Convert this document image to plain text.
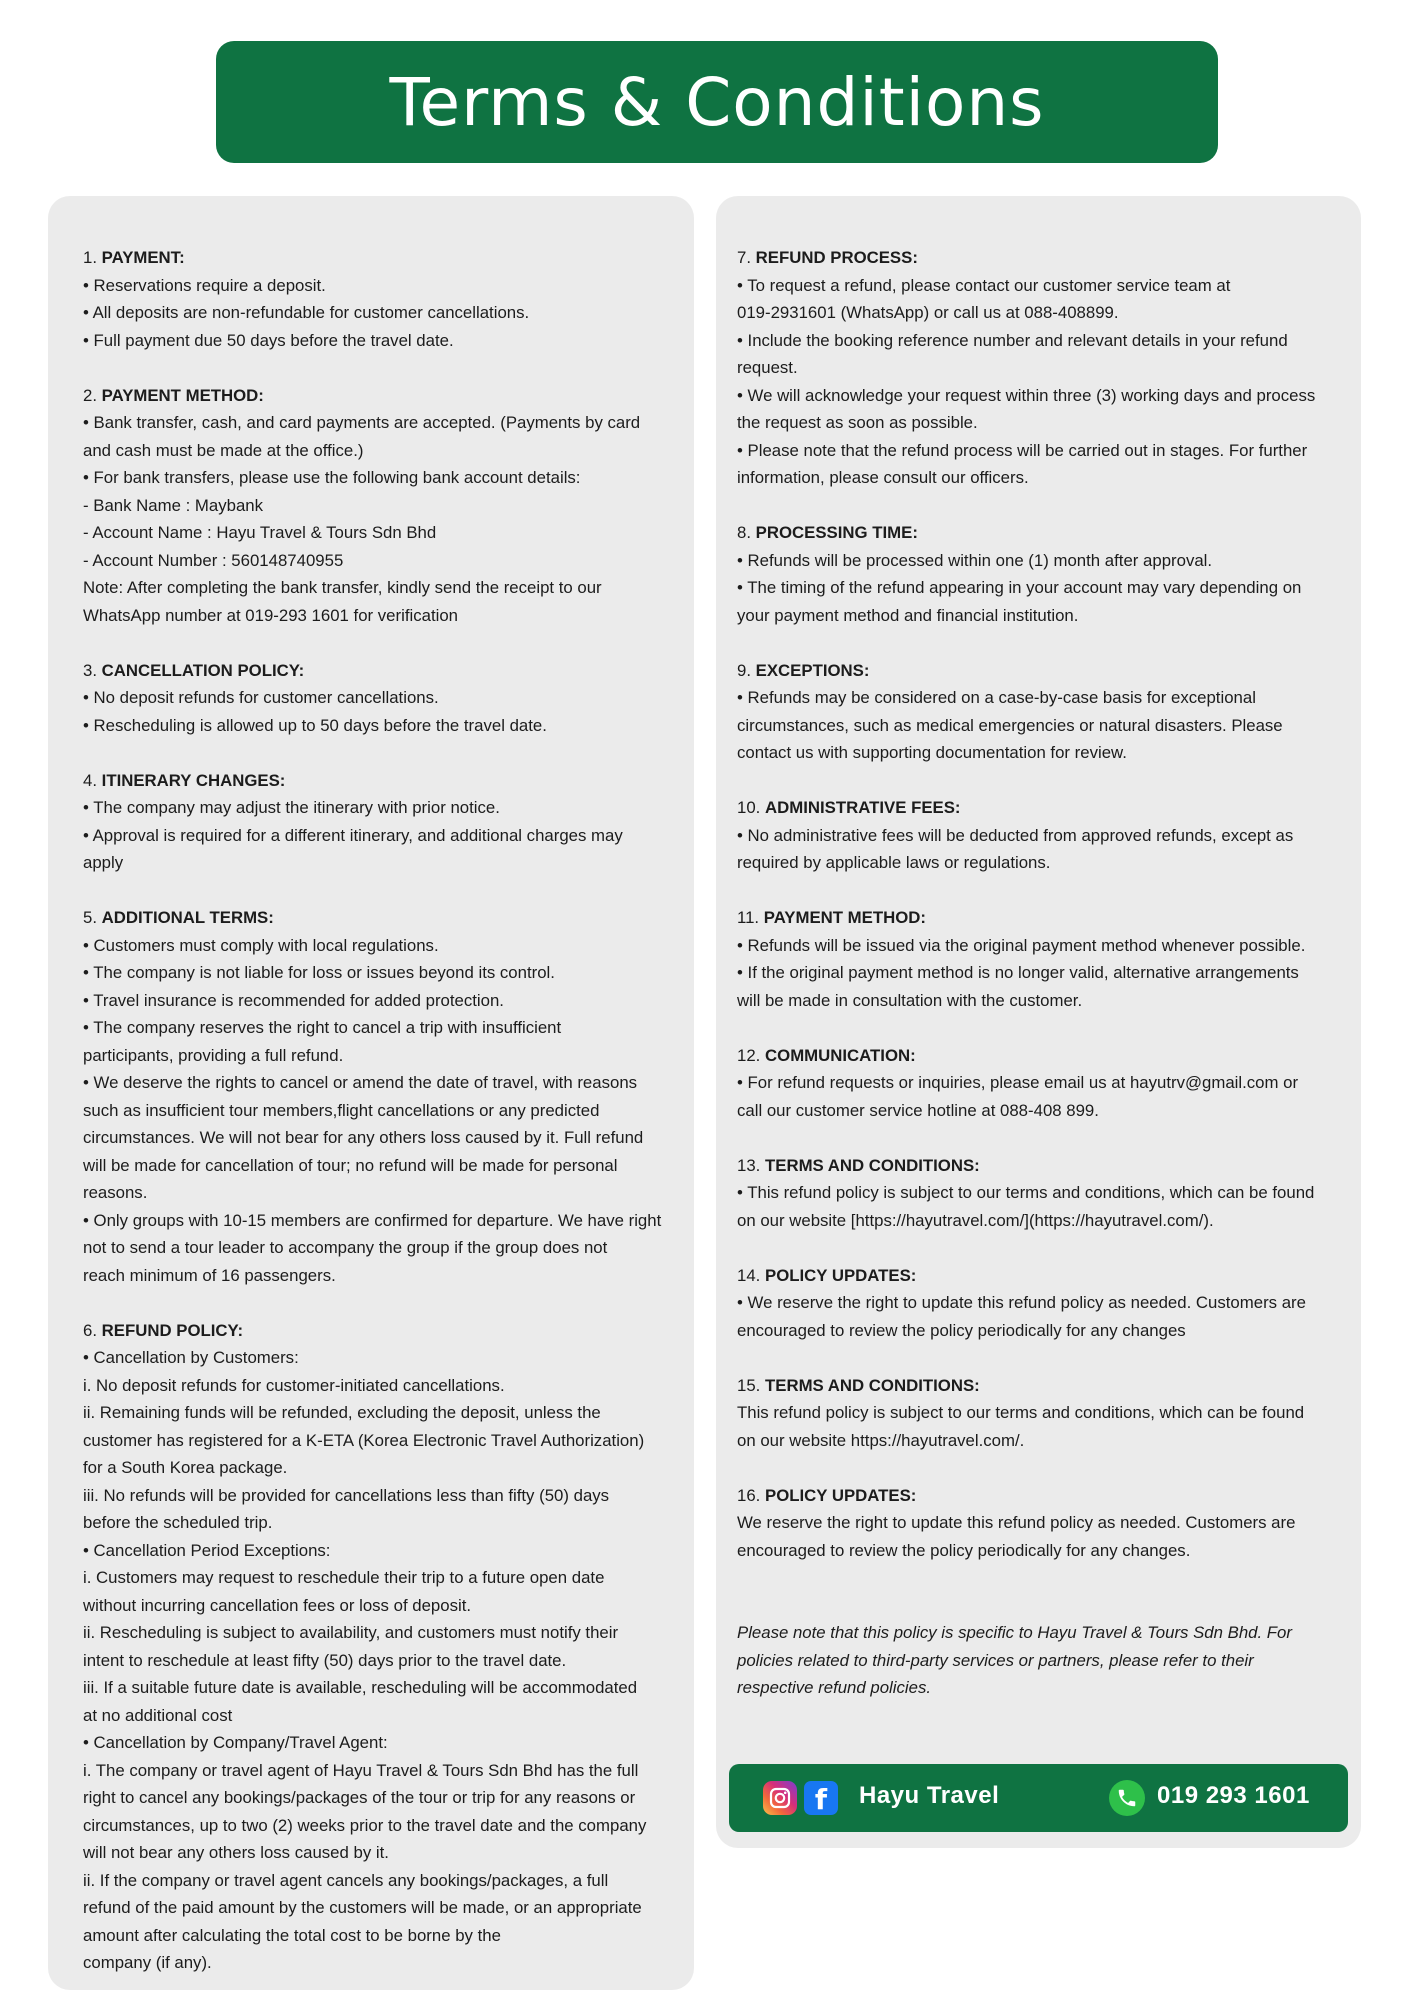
Terms & Conditions
1. PAYMENT:
• Reservations require a deposit.
• All deposits are non-refundable for customer cancellations.
• Full payment due 50 days before the travel date.
2. PAYMENT METHOD:
• Bank transfer, cash, and card payments are accepted. (Payments by card
and cash must be made at the office.)
• For bank transfers, please use the following bank account details:
- Bank Name : Maybank
- Account Name : Hayu Travel & Tours Sdn Bhd
- Account Number : 560148740955
Note: After completing the bank transfer, kindly send the receipt to our
WhatsApp number at 019-293 1601 for verification
3. CANCELLATION POLICY:
• No deposit refunds for customer cancellations.
• Rescheduling is allowed up to 50 days before the travel date.
4. ITINERARY CHANGES:
• The company may adjust the itinerary with prior notice.
• Approval is required for a different itinerary, and additional charges may
apply
5. ADDITIONAL TERMS:
• Customers must comply with local regulations.
• The company is not liable for loss or issues beyond its control.
• Travel insurance is recommended for added protection.
• The company reserves the right to cancel a trip with insufficient
participants, providing a full refund.
• We deserve the rights to cancel or amend the date of travel, with reasons
such as insufficient tour members,flight cancellations or any predicted
circumstances. We will not bear for any others loss caused by it. Full refund
will be made for cancellation of tour; no refund will be made for personal
reasons.
• Only groups with 10-15 members are confirmed for departure. We have right
not to send a tour leader to accompany the group if the group does not
reach minimum of 16 passengers.
6. REFUND POLICY:
• Cancellation by Customers:
i. No deposit refunds for customer-initiated cancellations.
ii. Remaining funds will be refunded, excluding the deposit, unless the
customer has registered for a K-ETA (Korea Electronic Travel Authorization)
for a South Korea package.
iii. No refunds will be provided for cancellations less than fifty (50) days
before the scheduled trip.
• Cancellation Period Exceptions:
i. Customers may request to reschedule their trip to a future open date
without incurring cancellation fees or loss of deposit.
ii. Rescheduling is subject to availability, and customers must notify their
intent to reschedule at least fifty (50) days prior to the travel date.
iii. If a suitable future date is available, rescheduling will be accommodated
at no additional cost
• Cancellation by Company/Travel Agent:
i. The company or travel agent of Hayu Travel & Tours Sdn Bhd has the full
right to cancel any bookings/packages of the tour or trip for any reasons or
circumstances, up to two (2) weeks prior to the travel date and the company
will not bear any others loss caused by it.
ii. If the company or travel agent cancels any bookings/packages, a full
refund of the paid amount by the customers will be made, or an appropriate
amount after calculating the total cost to be borne by the
company (if any).
7. REFUND PROCESS:
• To request a refund, please contact our customer service team at
019-2931601 (WhatsApp) or call us at 088-408899.
• Include the booking reference number and relevant details in your refund
request.
• We will acknowledge your request within three (3) working days and process
the request as soon as possible.
• Please note that the refund process will be carried out in stages. For further
information, please consult our officers.
8. PROCESSING TIME:
• Refunds will be processed within one (1) month after approval.
• The timing of the refund appearing in your account may vary depending on
your payment method and financial institution.
9. EXCEPTIONS:
• Refunds may be considered on a case-by-case basis for exceptional
circumstances, such as medical emergencies or natural disasters. Please
contact us with supporting documentation for review.
10. ADMINISTRATIVE FEES:
• No administrative fees will be deducted from approved refunds, except as
required by applicable laws or regulations.
11. PAYMENT METHOD:
• Refunds will be issued via the original payment method whenever possible.
• If the original payment method is no longer valid, alternative arrangements
will be made in consultation with the customer.
12. COMMUNICATION:
• For refund requests or inquiries, please email us at hayutrv@gmail.com or
call our customer service hotline at 088-408 899.
13. TERMS AND CONDITIONS:
• This refund policy is subject to our terms and conditions, which can be found
on our website [https://hayutravel.com/](https://hayutravel.com/).
14. POLICY UPDATES:
• We reserve the right to update this refund policy as needed. Customers are
encouraged to review the policy periodically for any changes
15. TERMS AND CONDITIONS:
This refund policy is subject to our terms and conditions, which can be found
on our website https://hayutravel.com/.
16. POLICY UPDATES:
We reserve the right to update this refund policy as needed. Customers are
encouraged to review the policy periodically for any changes.
Please note that this policy is specific to Hayu Travel & Tours Sdn Bhd. For
policies related to third-party services or partners, please refer to their
respective refund policies.
f	Hayu Travel	019 293 1601
